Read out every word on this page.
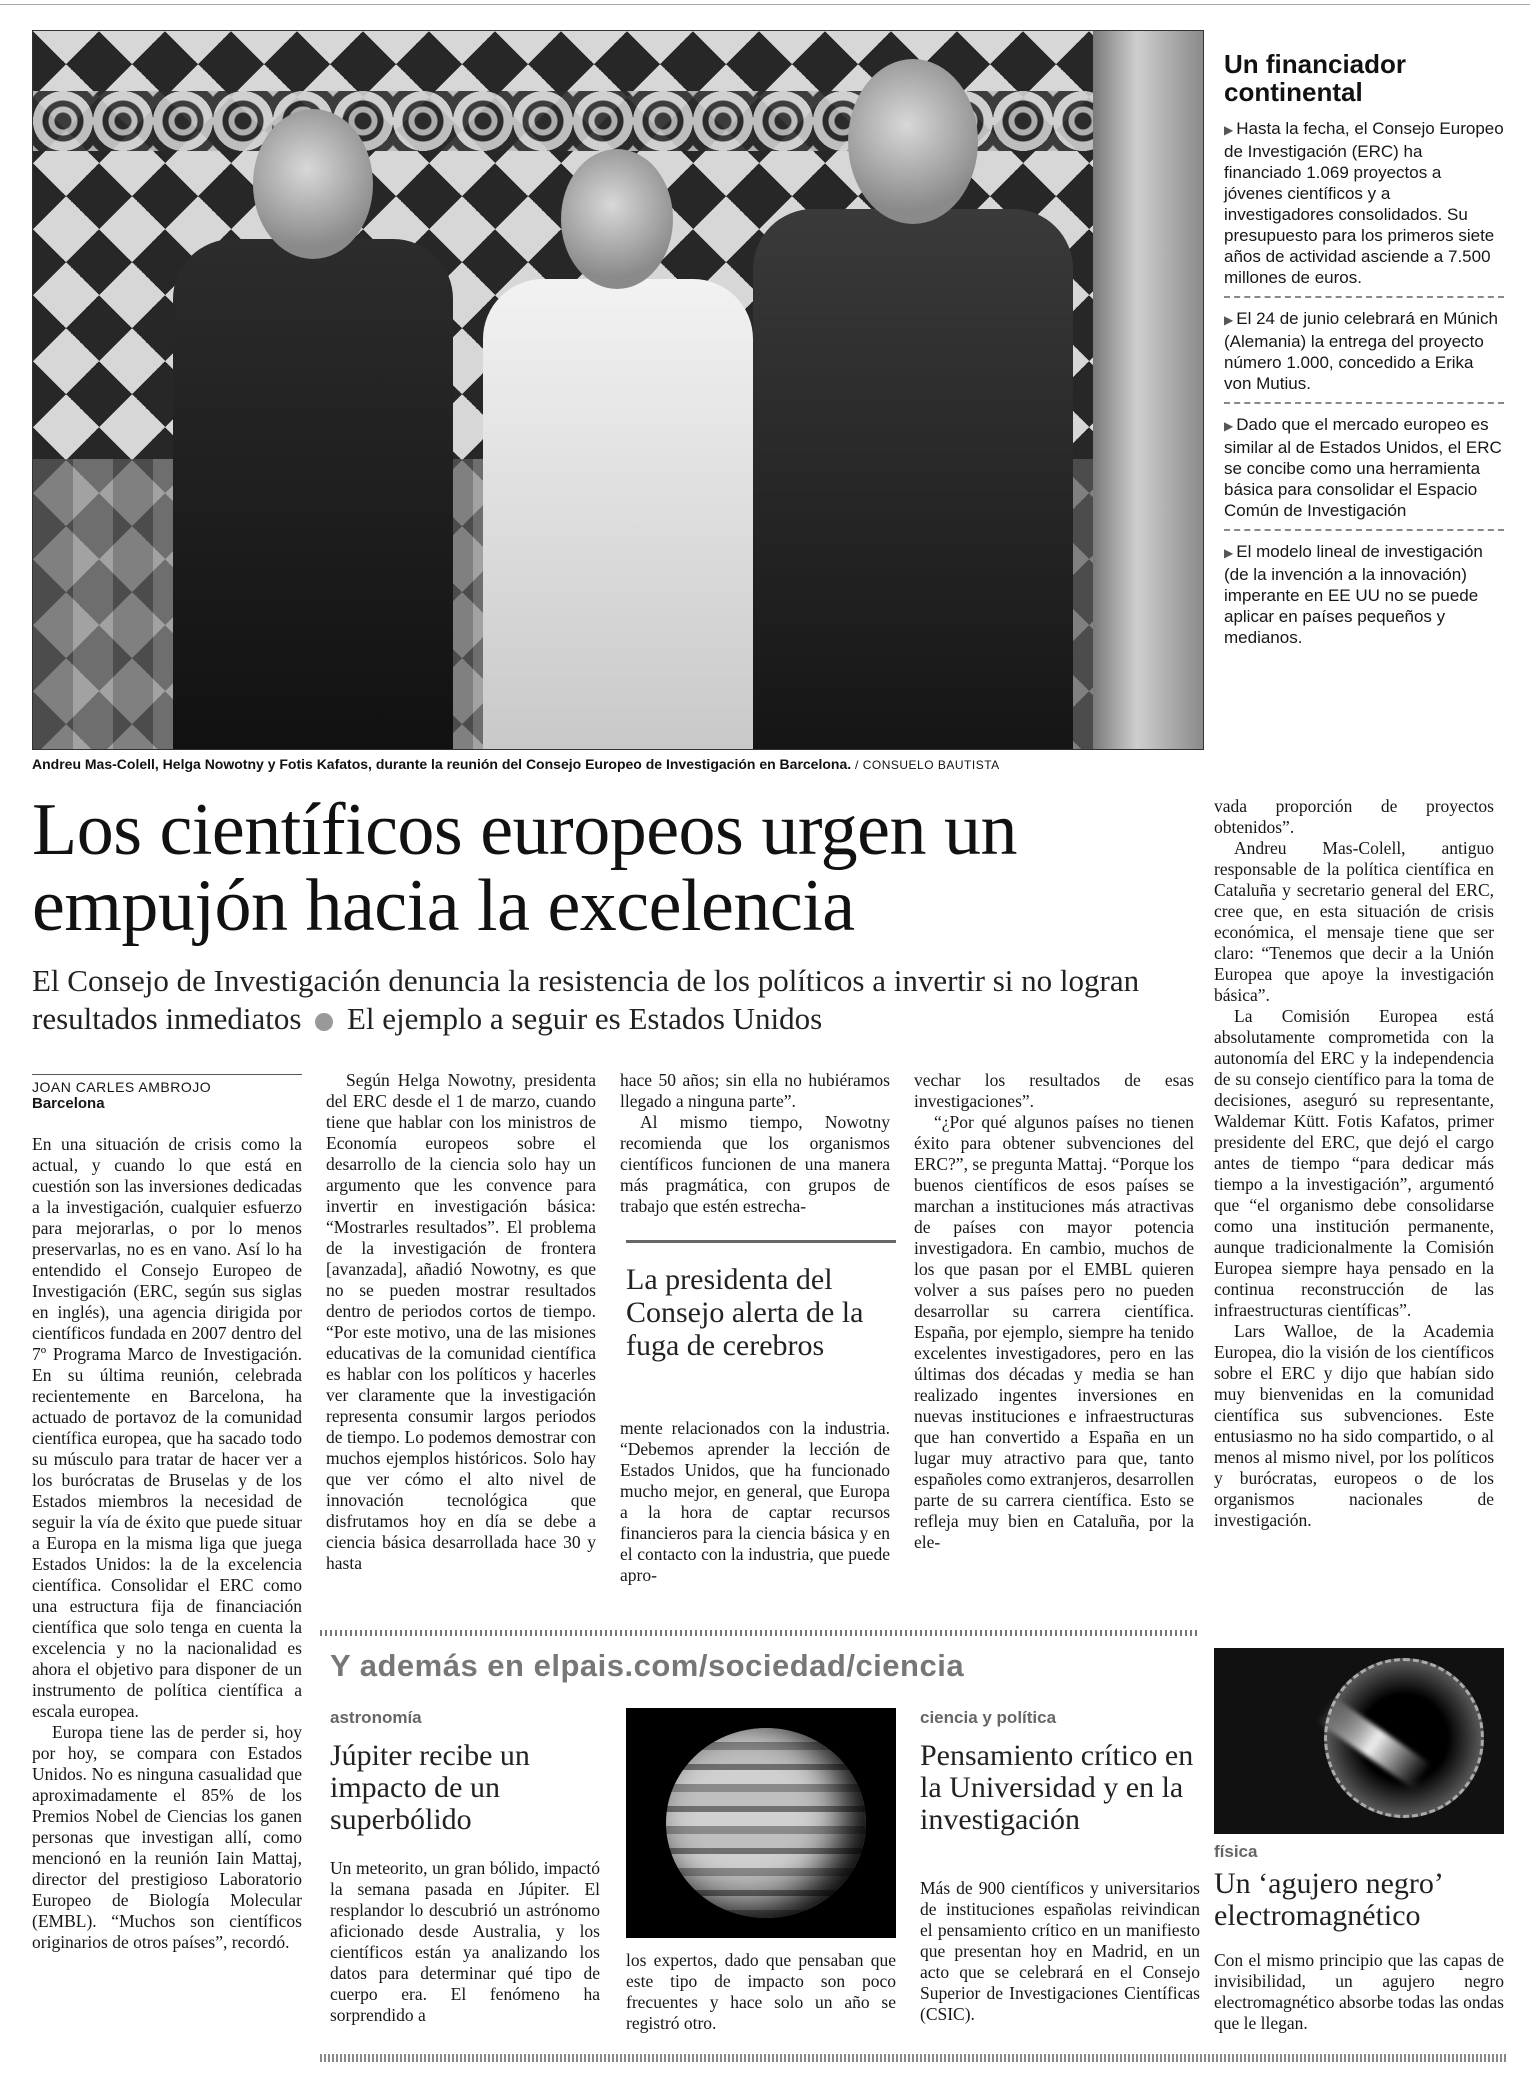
Andreu Mas-Colell, Helga Nowotny y Fotis Kafatos, durante la reunión del Consejo Europeo de Investigación en Barcelona. / CONSUELO BAUTISTA
Un financiador continental
▶ Hasta la fecha, el Consejo Europeo de Investigación (ERC) ha financiado 1.069 proyectos a jóvenes científicos y a investigadores consolidados. Su presupuesto para los primeros siete años de actividad asciende a 7.500 millones de euros.
▶ El 24 de junio celebrará en Múnich (Alemania) la entrega del proyecto número 1.000, concedido a Erika von Mutius.
▶ Dado que el mercado europeo es similar al de Estados Unidos, el ERC se concibe como una herramienta básica para consolidar el Espacio Común de Investigación
▶ El modelo lineal de investigación (de la invención a la innovación) imperante en EE UU no se puede aplicar en países pequeños y medianos.
Los científicos europeos urgen un empujón hacia la excelencia
El Consejo de Investigación denuncia la resistencia de los políticos a invertir si no logran resultados inmediatos El ejemplo a seguir es Estados Unidos
JOAN CARLES AMBROJO
Barcelona

En una situación de crisis como la actual, y cuando lo que está en cuestión son las inversiones dedicadas a la investigación, cualquier esfuerzo para mejorarlas, o por lo menos preservarlas, no es en vano. Así lo ha entendido el Consejo Europeo de Investigación (ERC, según sus siglas en inglés), una agencia dirigida por científicos fundada en 2007 dentro del 7º Programa Marco de Investigación. En su última reunión, celebrada recientemente en Barcelona, ha actuado de portavoz de la comunidad científica europea, que ha sacado todo su músculo para tratar de hacer ver a los burócratas de Bruselas y de los Estados miembros la necesidad de seguir la vía de éxito que puede situar a Europa en la misma liga que juega Estados Unidos: la de la excelencia científica. Consolidar el ERC como una estructura fija de financiación científica que solo tenga en cuenta la excelencia y no la nacionalidad es ahora el objetivo para disponer de un instrumento de política científica a escala europea.

Europa tiene las de perder si, hoy por hoy, se compara con Estados Unidos. No es ninguna casualidad que aproximadamente el 85% de los Premios Nobel de Ciencias los ganen personas que investigan allí, como mencionó en la reunión Iain Mattaj, director del prestigioso Laboratorio Europeo de Biología Molecular (EMBL). “Muchos son científicos originarios de otros países”, recordó.

Según Helga Nowotny, presidenta del ERC desde el 1 de marzo, cuando tiene que hablar con los ministros de Economía europeos sobre el desarrollo de la ciencia solo hay un argumento que les convence para invertir en investigación básica: “Mostrarles resultados”. El problema de la investigación de frontera [avanzada], añadió Nowotny, es que no se pueden mostrar resultados dentro de periodos cortos de tiempo. “Por este motivo, una de las misiones educativas de la comunidad científica es hablar con los políticos y hacerles ver claramente que la investigación representa consumir largos periodos de tiempo. Lo podemos demostrar con muchos ejemplos históricos. Solo hay que ver cómo el alto nivel de innovación tecnológica que disfrutamos hoy en día se debe a ciencia básica desarrollada hace 30 y hasta

hace 50 años; sin ella no hubiéramos llegado a ninguna parte”.

Al mismo tiempo, Nowotny recomienda que los organismos científicos funcionen de una manera más pragmática, con grupos de trabajo que estén estrecha-

La presidenta del Consejo alerta de la fuga de cerebros

mente relacionados con la industria. “Debemos aprender la lección de Estados Unidos, que ha funcionado mucho mejor, en general, que Europa a la hora de captar recursos financieros para la ciencia básica y en el contacto con la industria, que puede apro-

vechar los resultados de esas investigaciones”.

“¿Por qué algunos países no tienen éxito para obtener subvenciones del ERC?”, se pregunta Mattaj. “Porque los buenos científicos de esos países se marchan a instituciones más atractivas de países con mayor potencia investigadora. En cambio, muchos de los que pasan por el EMBL quieren volver a sus países pero no pueden desarrollar su carrera científica. España, por ejemplo, siempre ha tenido excelentes investigadores, pero en las últimas dos décadas y media se han realizado ingentes inversiones en nuevas instituciones e infraestructuras que han convertido a España en un lugar muy atractivo para que, tanto españoles como extranjeros, desarrollen parte de su carrera científica. Esto se refleja muy bien en Cataluña, por la ele-

vada proporción de proyectos obtenidos”.

Andreu Mas-Colell, antiguo responsable de la política científica en Cataluña y secretario general del ERC, cree que, en esta situación de crisis económica, el mensaje tiene que ser claro: “Tenemos que decir a la Unión Europea que apoye la investigación básica”.

La Comisión Europea está absolutamente comprometida con la autonomía del ERC y la independencia de su consejo científico para la toma de decisiones, aseguró su representante, Waldemar Kütt. Fotis Kafatos, primer presidente del ERC, que dejó el cargo antes de tiempo “para dedicar más tiempo a la investigación”, argumentó que “el organismo debe consolidarse como una institución permanente, aunque tradicionalmente la Comisión Europea siempre haya pensado en la continua reconstrucción de las infraestructuras científicas”.

Lars Walloe, de la Academia Europea, dio la visión de los científicos sobre el ERC y dijo que habían sido muy bienvenidas en la comunidad científica sus subvenciones. Este entusiasmo no ha sido compartido, o al menos al mismo nivel, por los políticos y burócratas, europeos o de los organismos nacionales de investigación.

Y además en elpais.com/sociedad/ciencia
astronomía
Júpiter recibe un impacto de un superbólido
Un meteorito, un gran bólido, impactó la semana pasada en Júpiter. El resplandor lo descubrió un astrónomo aficionado desde Australia, y los científicos están ya analizando los datos para determinar qué tipo de cuerpo era. El fenómeno ha sorprendido a
los expertos, dado que pensaban que este tipo de impacto son poco frecuentes y hace solo un año se registró otro.
ciencia y política
Pensamiento crítico en la Universidad y en la investigación
Más de 900 científicos y universitarios de instituciones españolas reivindican el pensamiento crítico en un manifiesto que presentan hoy en Madrid, en un acto que se celebrará en el Consejo Superior de Investigaciones Científicas (CSIC).
física
Un ‘agujero negro’ electromagnético
Con el mismo principio que las capas de invisibilidad, un agujero negro electromagnético absorbe todas las ondas que le llegan.
